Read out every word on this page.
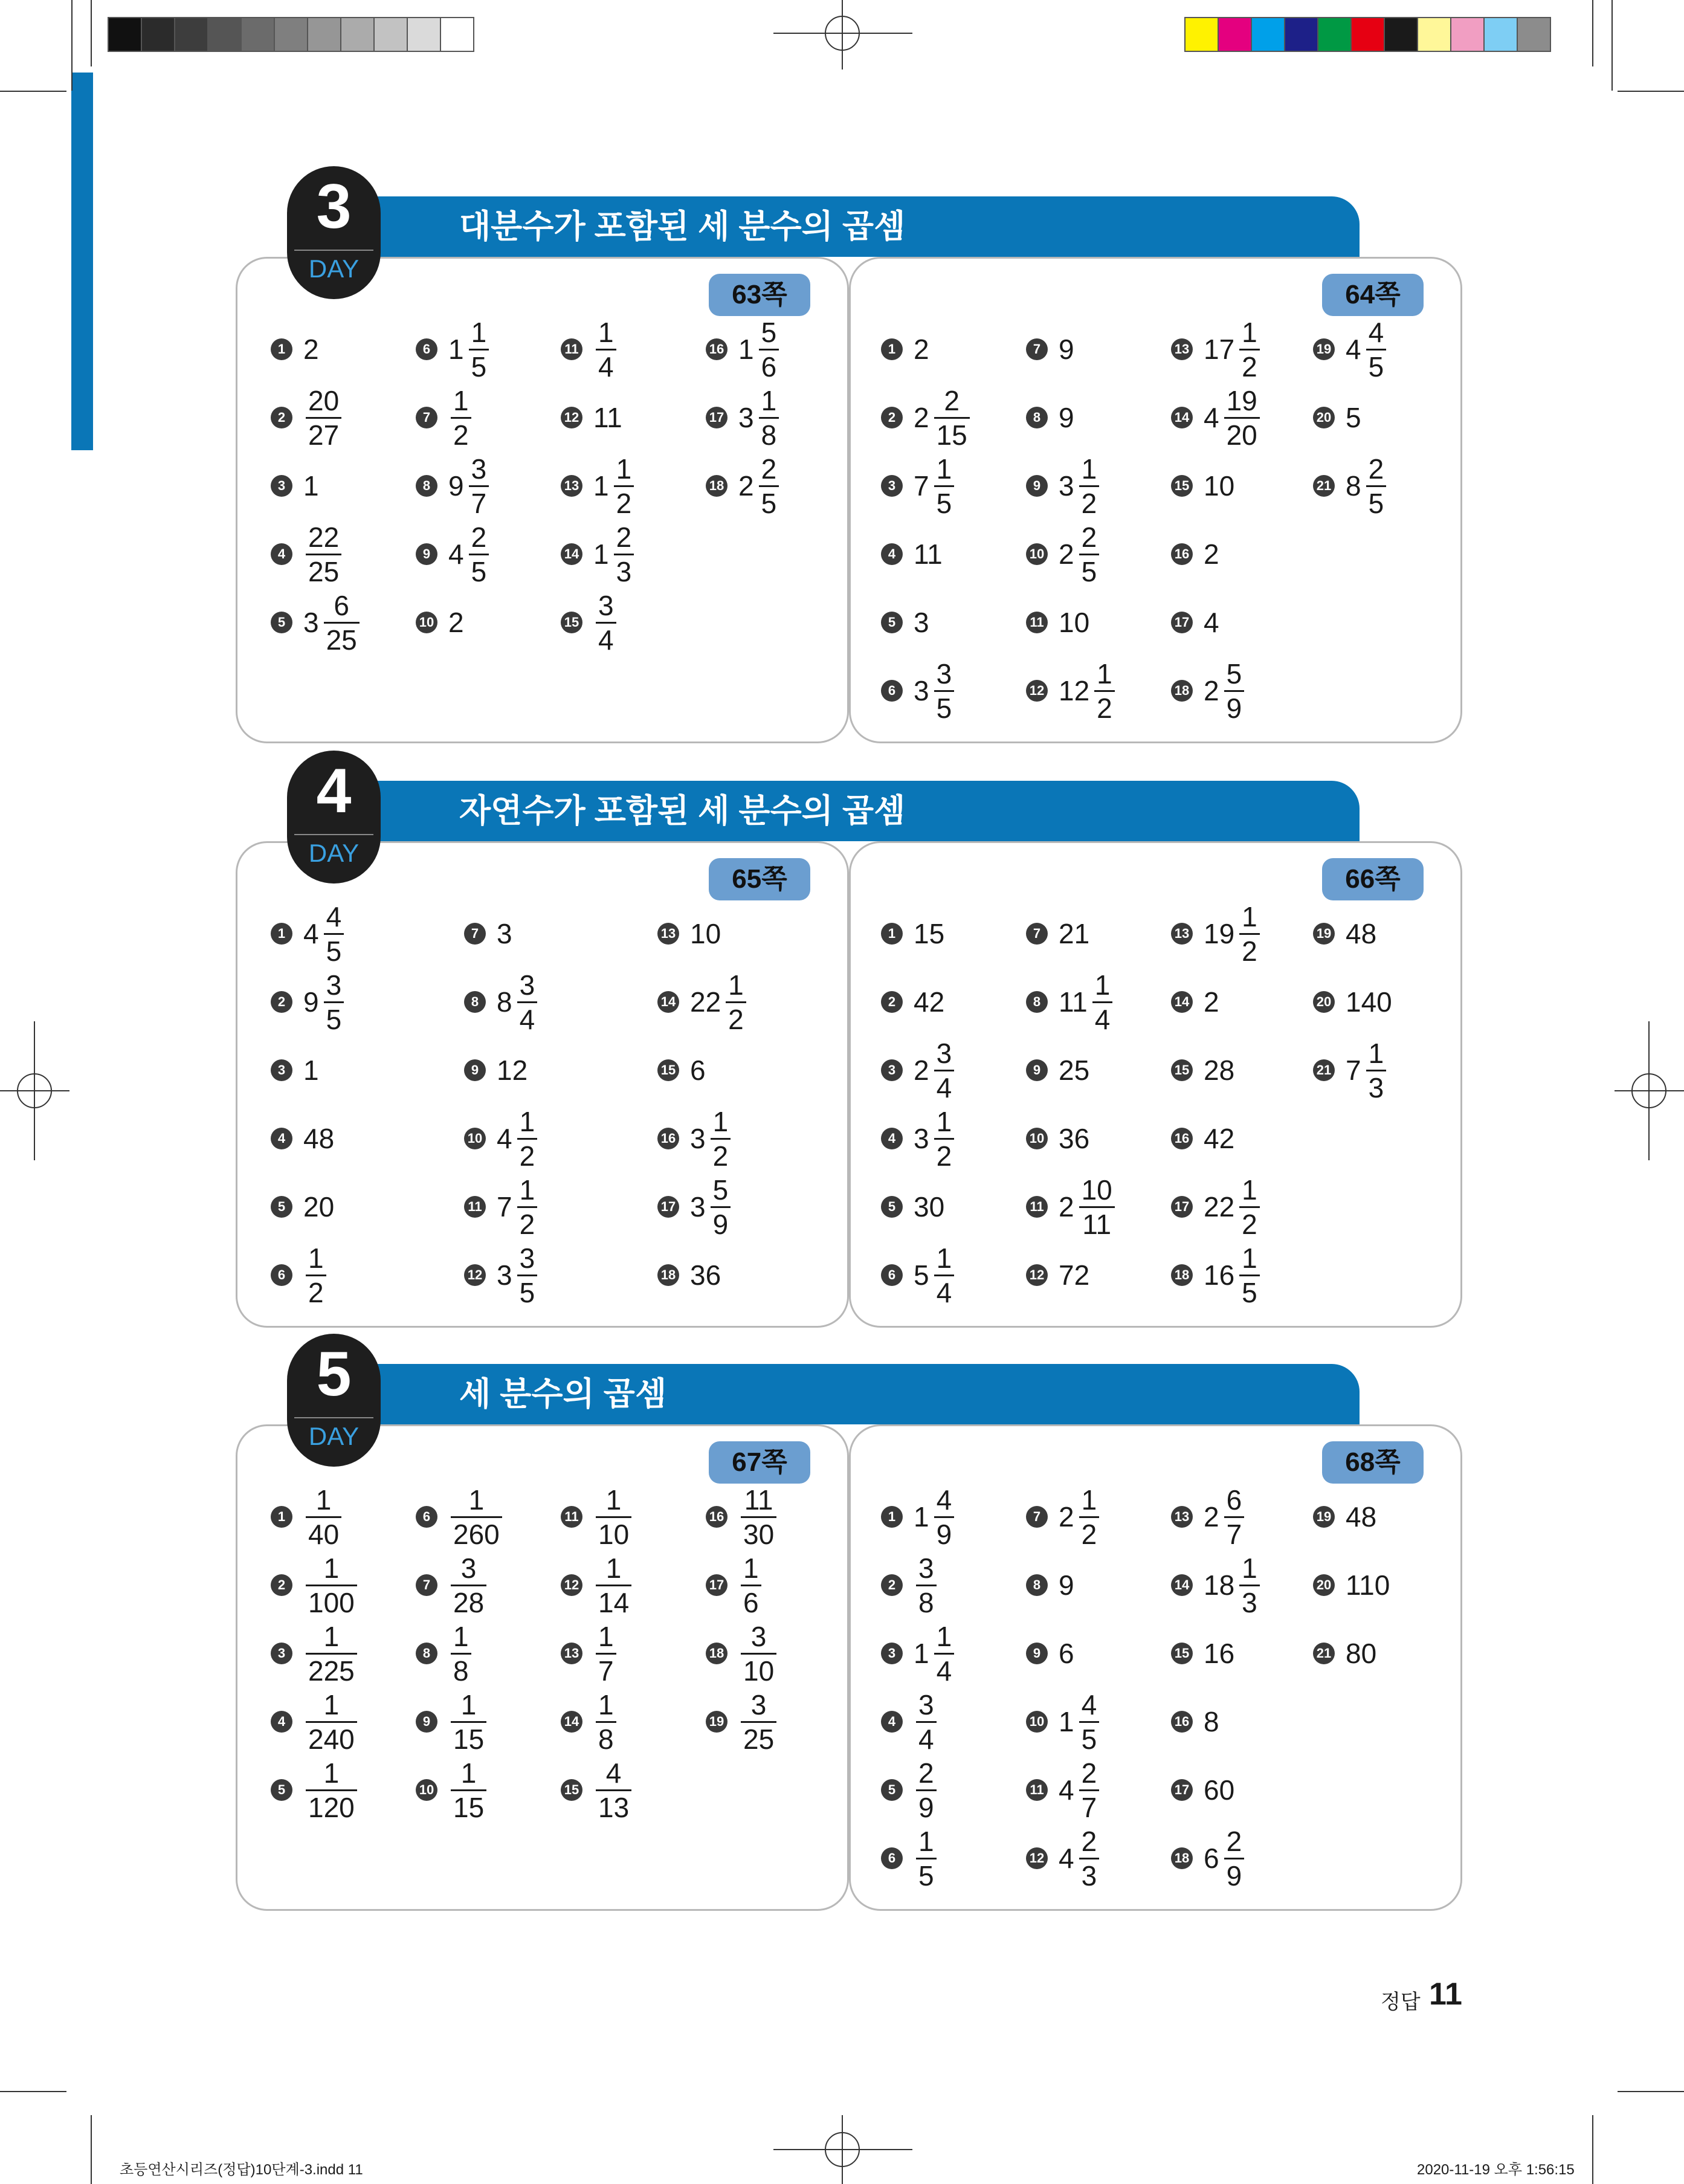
대분수가 포함된 세 분수의 곱셈
63쪽
1 2
$2 \frac{20}{27}$
3 1
$4 \frac{22}{25}$
5 $3 \frac{6}{25}$
6 $1 \frac{1}{5}$
$7 \frac{1}{2}$
8 $9 \frac{3}{7}$
9 $4 \frac{2}{5}$
10 2
$11 \frac{1}{4}$
12 11
13 $1 \frac{1}{2}$
14 $1 \frac{2}{3}$
$15 \frac{3}{4}$
16 $1 \frac{5}{6}$
17 $3 \frac{1}{8}$
18 $2 \frac{2}{5}$
64쪽
1 2
2 $2 \frac{2}{15}$
3 $7 \frac{1}{5}$
4 11
5 3
6 $3 \frac{3}{5}$
7 9
8 9
9 $3 \frac{1}{2}$
10 $2 \frac{2}{5}$
11 10
12 $12 \frac{1}{2}$
13 $17 \frac{1}{2}$
14 $4 \frac{19}{20}$
15 10
16 2
17 4
18 $2 \frac{5}{9}$
19 $4 \frac{4}{5}$
20 5
21 $8 \frac{2}{5}$
3
DAY
자연수가 포함된 세 분수의 곱셈
65쪽
1 $4 \frac{4}{5}$
2 $9 \frac{3}{5}$
3 1
4 48
5 20
$6 \frac{1}{2}$
7 3
8 $8 \frac{3}{4}$
9 12
10 $4 \frac{1}{2}$
11 $7 \frac{1}{2}$
12 $3 \frac{3}{5}$
13 10
14 $22 \frac{1}{2}$
15 6
16 $3 \frac{1}{2}$
17 $3 \frac{5}{9}$
18 36
66쪽
1 15
2 42
3 $2 \frac{3}{4}$
4 $3 \frac{1}{2}$
5 30
6 $5 \frac{1}{4}$
7 21
8 $11 \frac{1}{4}$
9 25
10 36
11 $2 \frac{10}{11}$
12 72
13 $19 \frac{1}{2}$
14 2
15 28
16 42
17 $22 \frac{1}{2}$
18 $16 \frac{1}{5}$
19 48
20 140
21 $7 \frac{1}{3}$
4
DAY
세 분수의 곱셈
67쪽
$1 \frac{1}{40}$
$2 \frac{1}{100}$
$3 \frac{1}{225}$
$4 \frac{1}{240}$
$5 \frac{1}{120}$
$6 \frac{1}{260}$
$7 \frac{3}{28}$
$8 \frac{1}{8}$
$9 \frac{1}{15}$
$10 \frac{1}{15}$
$11 \frac{1}{10}$
$12 \frac{1}{14}$
$13 \frac{1}{7}$
$14 \frac{1}{8}$
$15 \frac{4}{13}$
$16 \frac{11}{30}$
$17 \frac{1}{6}$
$18 \frac{3}{10}$
$19 \frac{3}{25}$
68쪽
1 $1 \frac{4}{9}$
$2 \frac{3}{8}$
3 $1 \frac{1}{4}$
$4 \frac{3}{4}$
$5 \frac{2}{9}$
$6 \frac{1}{5}$
7 $2 \frac{1}{2}$
8 9
9 6
10 $1 \frac{4}{5}$
11 $4 \frac{2}{7}$
12 $4 \frac{2}{3}$
13 $2 \frac{6}{7}$
14 $18 \frac{1}{3}$
15 16
16 8
17 60
18 $6 \frac{2}{9}$
19 48
20 110
21 80
5
DAY
정답 11
초등연산시리즈(정답)10단계-3.indd 11	2020-11-19 오후 1:56:15
